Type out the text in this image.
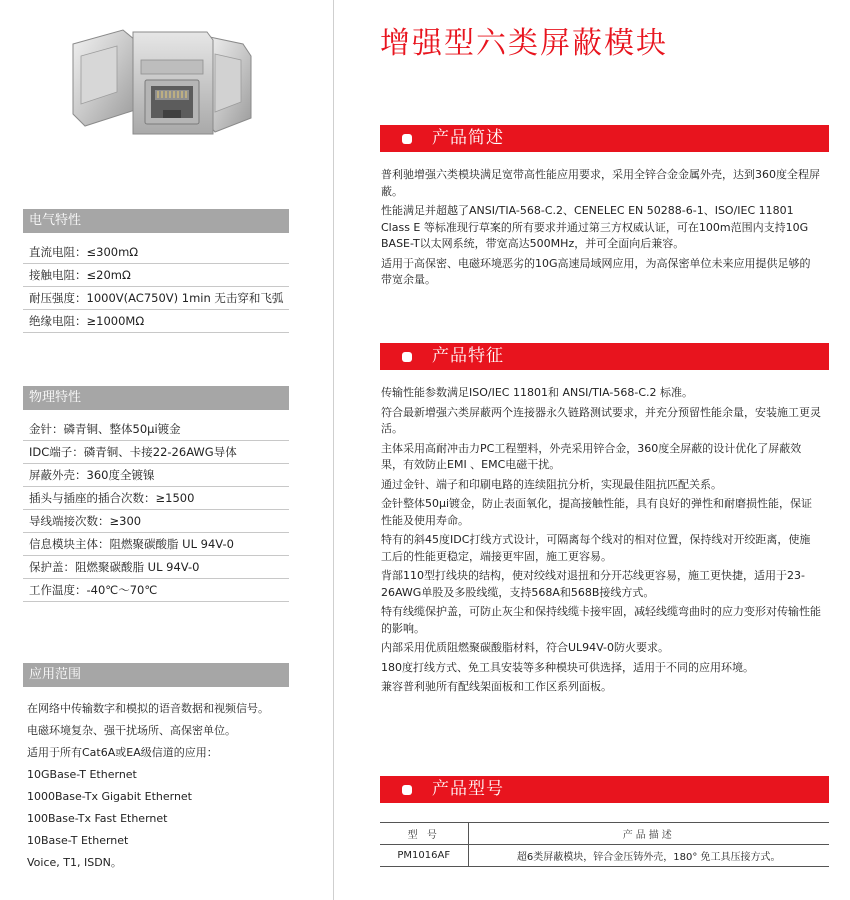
电气特性
直流电阻：≤300mΩ
接触电阻：≤20mΩ
耐压强度：1000V(AC750V) 1min 无击穿和飞弧
绝缘电阻：≥1000MΩ
物理特性
金针：磷青铜、整体50μi镀金
IDC端子：磷青铜、卡接22-26AWG导体
屏蔽外壳：360度全镀镍
插头与插座的插合次数：≥1500
导线端接次数：≥300
信息模块主体：阻燃聚碳酸脂 UL 94V-0
保护盖：阻燃聚碳酸脂 UL 94V-0
工作温度：-40℃～70℃
应用范围
在网络中传输数字和模拟的语音数据和视频信号。
电磁环境复杂、强干扰场所、高保密单位。
适用于所有Cat6A或EA级信道的应用：
10GBase-T Ethernet
1000Base-Tx Gigabit Ethernet
100Base-Tx Fast Ethernet
10Base-T Ethernet
Voice, T1, ISDN。
增强型六类屏蔽模块
产品简述

普利驰增强六类模块满足宽带高性能应用要求，采用全锌合金金属外壳，达到360度全程屏蔽。

性能满足并超越了ANSI/TIA-568-C.2、CENELEC EN 50288-6-1、ISO/IEC 11801 Class E 等标准现行草案的所有要求并通过第三方权威认证，可在100m范围内支持10G BASE-T以太网系统，带宽高达500MHz，并可全面向后兼容。

适用于高保密、电磁环境恶劣的10G高速局域网应用，为高保密单位未来应用提供足够的带宽余量。

产品特征

传输性能参数满足ISO/IEC 11801和 ANSI/TIA-568-C.2 标准。

符合最新增强六类屏蔽两个连接器永久链路测试要求，并充分预留性能余量，安装施工更灵活。

主体采用高耐冲击力PC工程塑料，外壳采用锌合金，360度全屏蔽的设计优化了屏蔽效果，有效防止EMI 、EMC电磁干扰。

通过金针、端子和印刷电路的连续阻抗分析，实现最佳阻抗匹配关系。

金针整体50μi镀金，防止表面氧化，提高接触性能，具有良好的弹性和耐磨损性能，保证性能及使用寿命。

特有的斜45度IDC打线方式设计，可隔离每个线对的相对位置，保持线对开绞距离，使施工后的性能更稳定，端接更牢固，施工更容易。

背部110型打线块的结构，使对绞线对退扭和分开芯线更容易，施工更快捷，适用于23-26AWG单股及多股线缆，支持568A和568B接线方式。

特有线缆保护盖，可防止灰尘和保持线缆卡接牢固，减轻线缆弯曲时的应力变形对传输性能的影响。

内部采用优质阻燃聚碳酸脂材料，符合UL94V-0防火要求。

180度打线方式、免工具安装等多种模块可供选择，适用于不同的应用环境。

兼容普利驰所有配线架面板和工作区系列面板。

产品型号
型 号	产品描述
PM1016AF	超6类屏蔽模块，锌合金压铸外壳，180° 免工具压接方式。
